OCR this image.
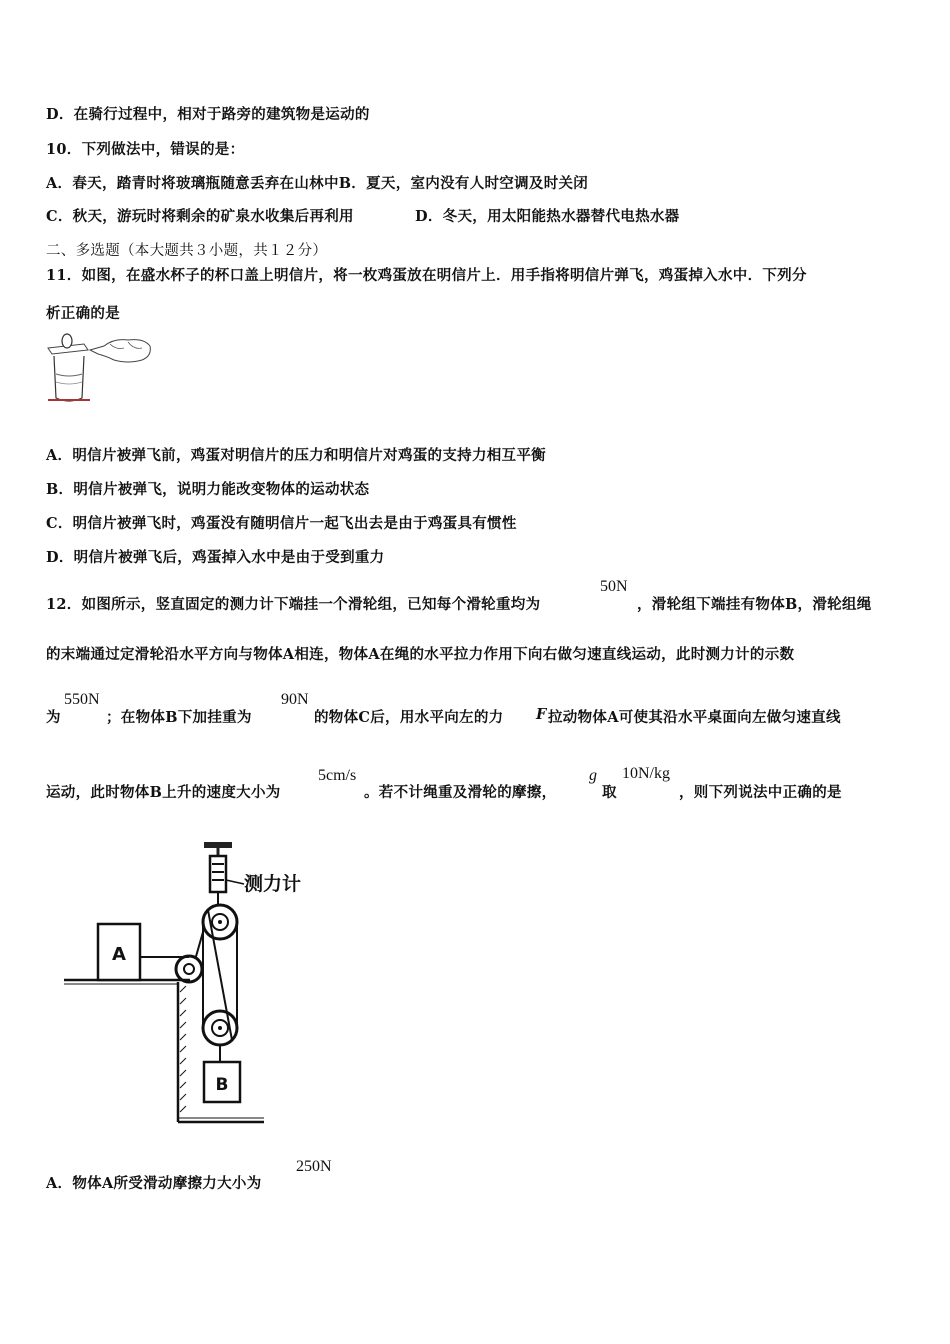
D．在骑行过程中，相对于路旁的建筑物是运动的
10．下列做法中，错误的是：
A．春天，踏青时将玻璃瓶随意丢弃在山林中B．夏天，室内没有人时空调及时关闭
C．秋天，游玩时将剩余的矿泉水收集后再利用	D．冬天，用太阳能热水器替代电热水器
二、多选题（本大题共３小题，共１２分）
11．如图，在盛水杯子的杯口盖上明信片，将一枚鸡蛋放在明信片上．用手指将明信片弹飞，鸡蛋掉入水中．下列分
析正确的是
A．明信片被弹飞前，鸡蛋对明信片的压力和明信片对鸡蛋的支持力相互平衡
B．明信片被弹飞，说明力能改变物体的运动状态
C．明信片被弹飞时，鸡蛋没有随明信片一起飞出去是由于鸡蛋具有惯性
D．明信片被弹飞后，鸡蛋掉入水中是由于受到重力
12．如图所示，竖直固定的测力计下端挂一个滑轮组，已知每个滑轮重均为
50N
，滑轮组下端挂有物体B，滑轮组绳
的末端通过定滑轮沿水平方向与物体A相连，物体A在绳的水平拉力作用下向右做匀速直线运动，此时测力计的示数
为
550N
；在物体B下加挂重为
90N
的物体C后，用水平向左的力 F 拉动物体A可使其沿水平桌面向左做匀速直线
运动，此时物体B上升的速度大小为
5cm/s
。若不计绳重及滑轮的摩擦，
g
取
10N/kg
，则下列说法中正确的是
测力计
A
B
A．物体A所受滑动摩擦力大小为
250N
